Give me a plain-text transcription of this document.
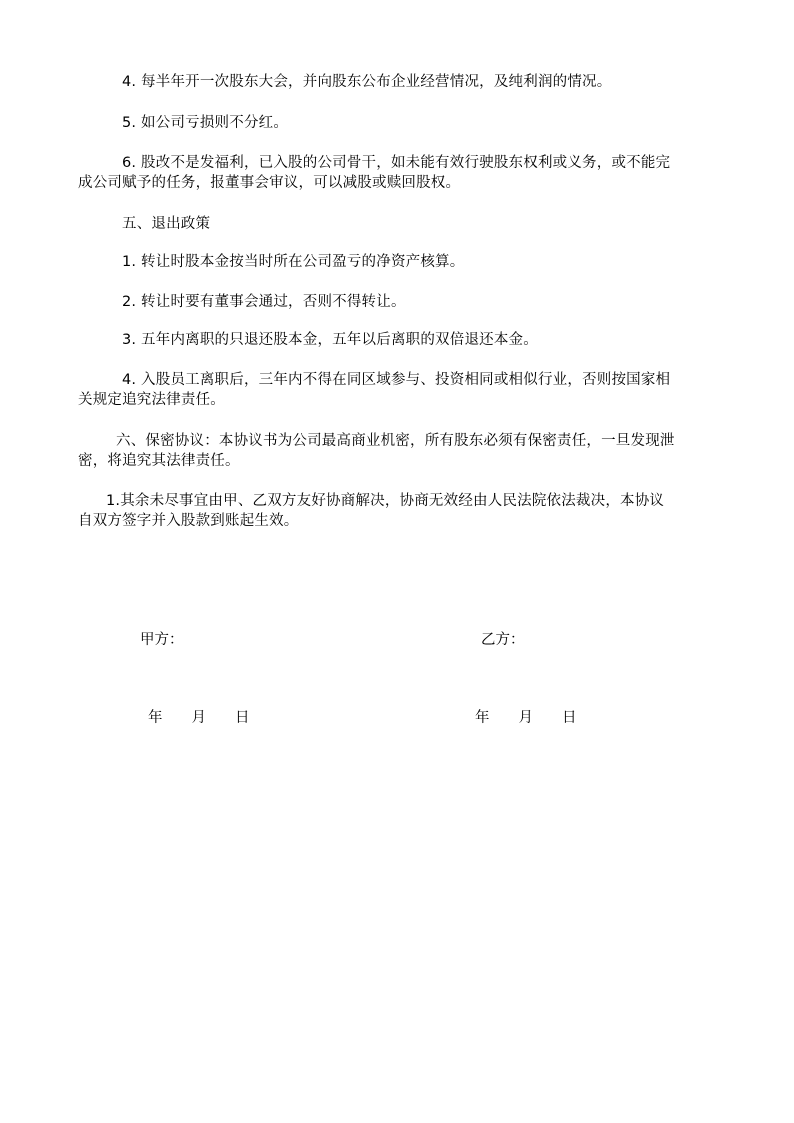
4. 每半年开一次股东大会，并向股东公布企业经营情况，及纯利润的情况。
5. 如公司亏损则不分红。
6. 股改不是发福利，已入股的公司骨干，如未能有效行驶股东权利或义务，或不能完
成公司赋予的任务，报董事会审议，可以减股或赎回股权。
五、退出政策
1. 转让时股本金按当时所在公司盈亏的净资产核算。
2. 转让时要有董事会通过，否则不得转让。
3. 五年内离职的只退还股本金，五年以后离职的双倍退还本金。
4. 入股员工离职后，三年内不得在同区域参与、投资相同或相似行业，否则按国家相
关规定追究法律责任。
六、保密协议：本协议书为公司最高商业机密，所有股东必须有保密责任，一旦发现泄
密，将追究其法律责任。
1.其余未尽事宜由甲、乙双方友好协商解决，协商无效经由人民法院依法裁决，本协议
自双方签字并入股款到账起生效。
甲方：	乙方：
年　　月　　日	年　　月　　日
